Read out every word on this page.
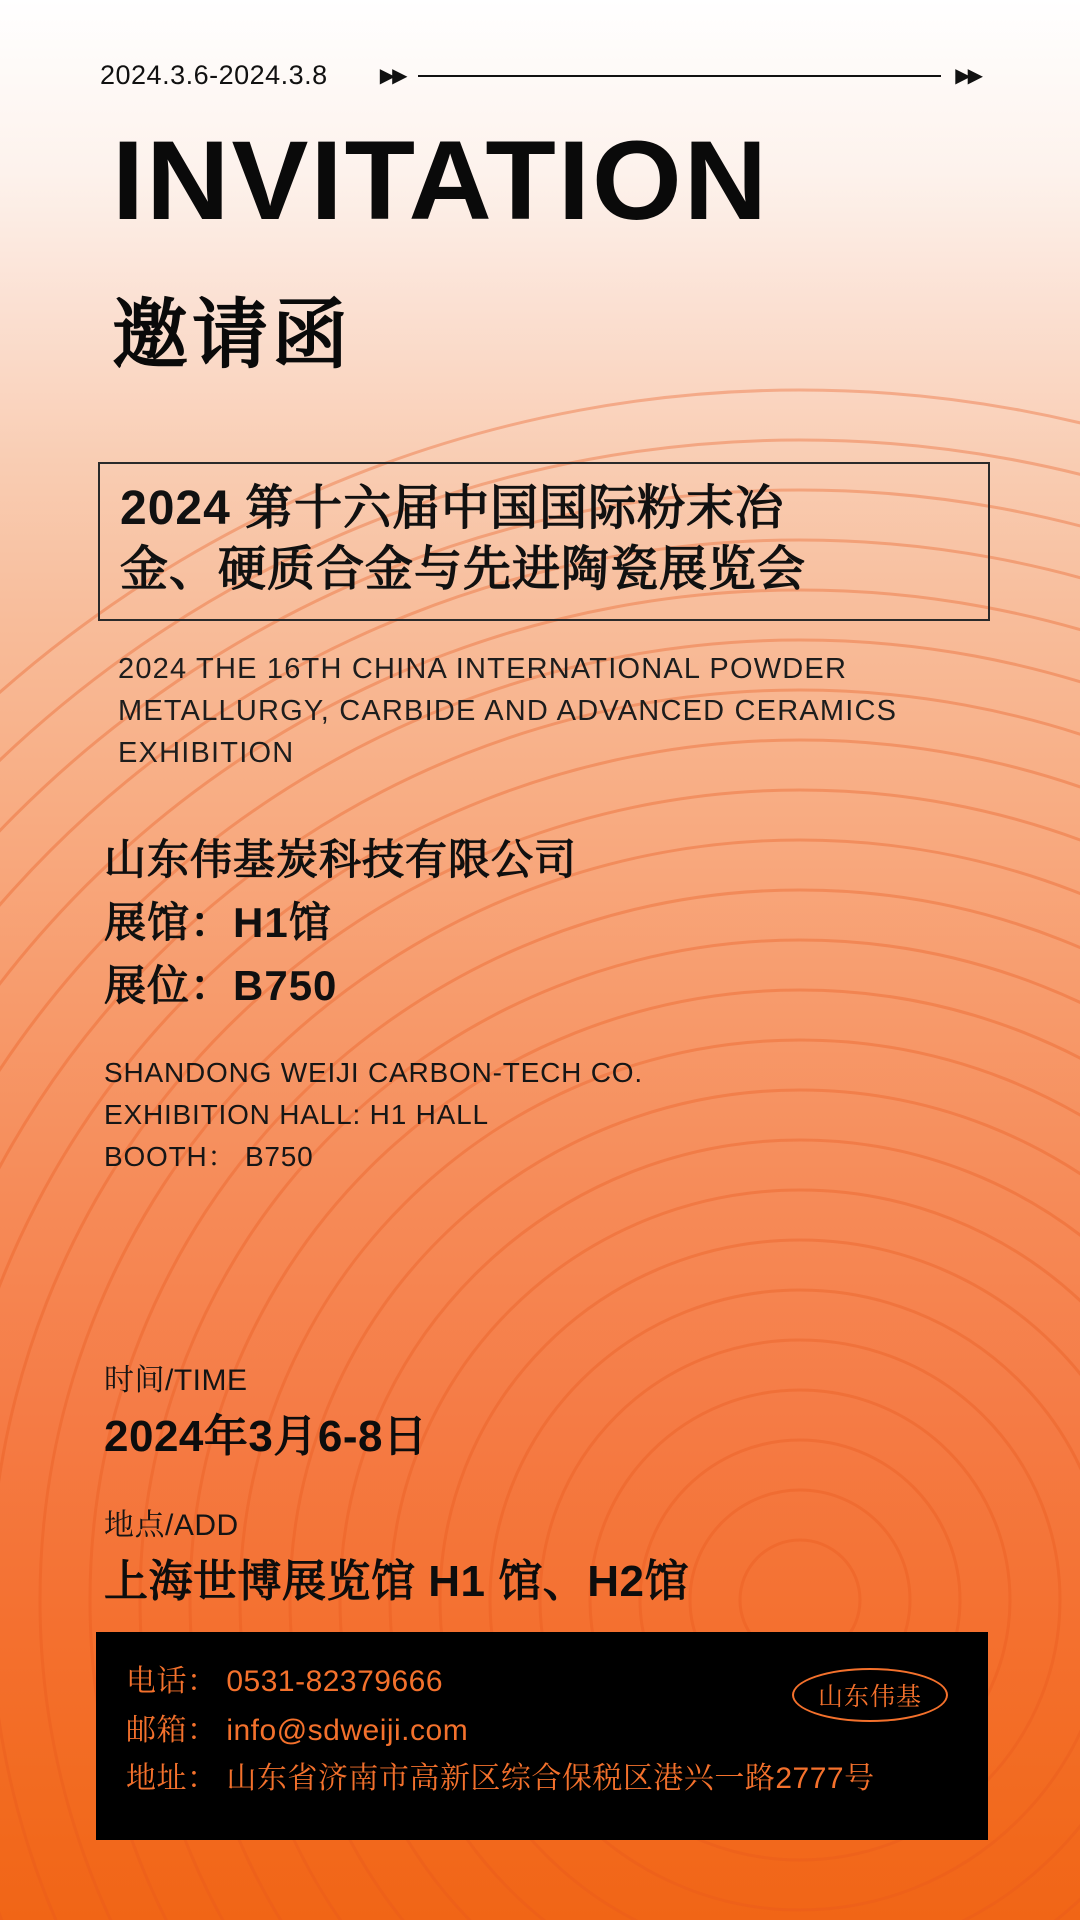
2024.3.6-2024.3.8	▶▶	▶▶
INVITATION
邀请函
2024 第十六届中国国际粉末冶
金、硬质合金与先进陶瓷展览会
2024 THE 16TH CHINA INTERNATIONAL POWDER METALLURGY, CARBIDE AND ADVANCED CERAMICS EXHIBITION
山东伟基炭科技有限公司
展馆：H1馆
展位：B750
SHANDONG WEIJI CARBON-TECH CO.
EXHIBITION HALL: H1 HALL
BOOTH： B750
时间/TIME
2024年3月6-8日
地点/ADD
上海世博展览馆 H1 馆、H2馆
电话： 0531-82379666
邮箱： info@sdweiji.com
地址： 山东省济南市高新区综合保税区港兴一路2777号
山东伟基
